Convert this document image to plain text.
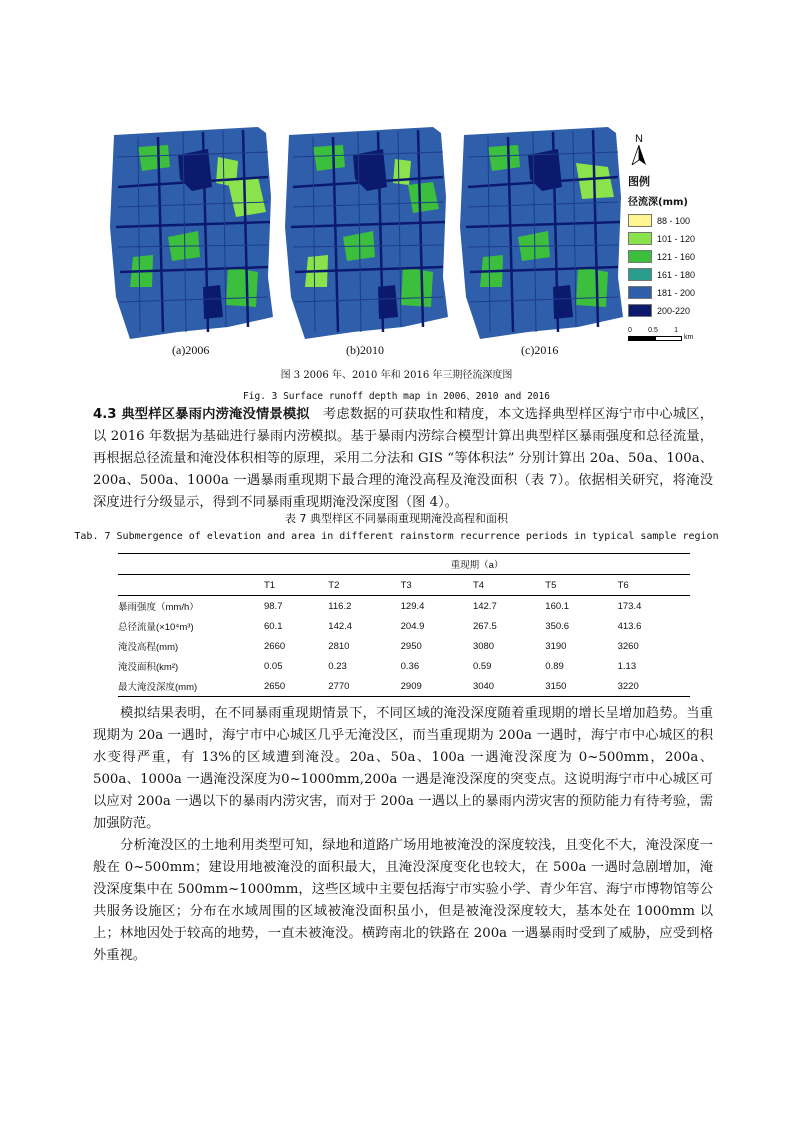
(a)2006	(b)2010	(c)2016
N
图例
径流深(mm)
88 - 100
101 - 120
121 - 160
161 - 180
181 - 200
200-220
0 0.5 1
km
图 3 2006 年、2010 年和 2016 年三期径流深度图
Fig. 3 Surface runoff depth map in 2006、2010 and 2016

4.3 典型样区暴雨内涝淹没情景模拟 考虑数据的可获取性和精度，本文选择典型样区海宁市中心城区，以 2016 年数据为基础进行暴雨内涝模拟。基于暴雨内涝综合模型计算出典型样区暴雨强度和总径流量，再根据总径流量和淹没体积相等的原理，采用二分法和 GIS “等体积法” 分别计算出 20a、50a、100a、200a、500a、1000a 一遇暴雨重现期下最合理的淹没高程及淹没面积（表 7）。依据相关研究，将淹没深度进行分级显示，得到不同暴雨重现期淹没深度图（图 4）。

表 7 典型样区不同暴雨重现期淹没高程和面积
Tab. 7 Submergence of elevation and area in different rainstorm recurrence periods in typical sample region
	重现期（a）					
	T1	T2	T3	T4	T5	T6
暴雨强度（mm/h）	98.7	116.2	129.4	142.7	160.1	173.4
总径流量(×10⁴m³)	60.1	142.4	204.9	267.5	350.6	413.6
淹没高程(mm)	2660	2810	2950	3080	3190	3260
淹没面积(km²)	0.05	0.23	0.36	0.59	0.89	1.13
最大淹没深度(mm)	2650	2770	2909	3040	3150	3220

模拟结果表明，在不同暴雨重现期情景下，不同区域的淹没深度随着重现期的增长呈增加趋势。当重现期为 20a 一遇时，海宁市中心城区几乎无淹没区，而当重现期为 200a 一遇时，海宁市中心城区的积水变得严重，有 13%的区域遭到淹没。20a、50a、100a 一遇淹没深度为 0~500mm，200a、500a、1000a 一遇淹没深度为0~1000mm,200a 一遇是淹没深度的突变点。这说明海宁市中心城区可以应对 200a 一遇以下的暴雨内涝灾害，而对于 200a 一遇以上的暴雨内涝灾害的预防能力有待考验，需加强防范。

分析淹没区的土地利用类型可知，绿地和道路广场用地被淹没的深度较浅，且变化不大，淹没深度一般在 0~500mm；建设用地被淹没的面积最大，且淹没深度变化也较大，在 500a 一遇时急剧增加，淹没深度集中在 500mm~1000mm，这些区域中主要包括海宁市实验小学、青少年宫、海宁市博物馆等公共服务设施区；分布在水域周围的区域被淹没面积虽小，但是被淹没深度较大，基本处在 1000mm 以上；林地因处于较高的地势，一直未被淹没。横跨南北的铁路在 200a 一遇暴雨时受到了威胁，应受到格外重视。
